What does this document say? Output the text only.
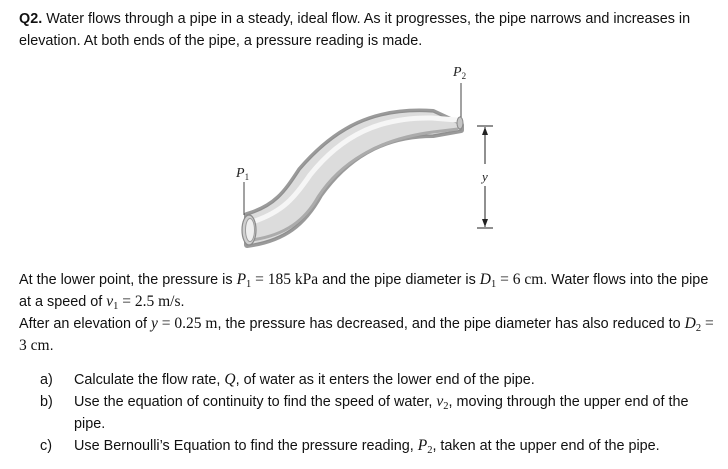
Q2. Water flows through a pipe in a steady, ideal flow. As it progresses, the pipe narrows and increases in elevation. At both ends of the pipe, a pressure reading is made.

$P_1$
$P_2$
y

At the lower point, the pressure is $P_1 = 185$ kPa and the pipe diameter is $D_1 = 6$ cm. Water flows into the pipe at a speed of $v_1 = 2.5$ m/s.

After an elevation of y = 0.25 m, the pressure has decreased, and the pipe diameter has also reduced to $D_2 = 3$ cm.

a) Calculate the flow rate, Q, of water as it enters the lower end of the pipe.
b) Use the equation of continuity to find the speed of water, $v_2$, moving through the upper end of the pipe.
c) Use Bernoulli’s Equation to find the pressure reading, $P_2$, taken at the upper end of the pipe.
